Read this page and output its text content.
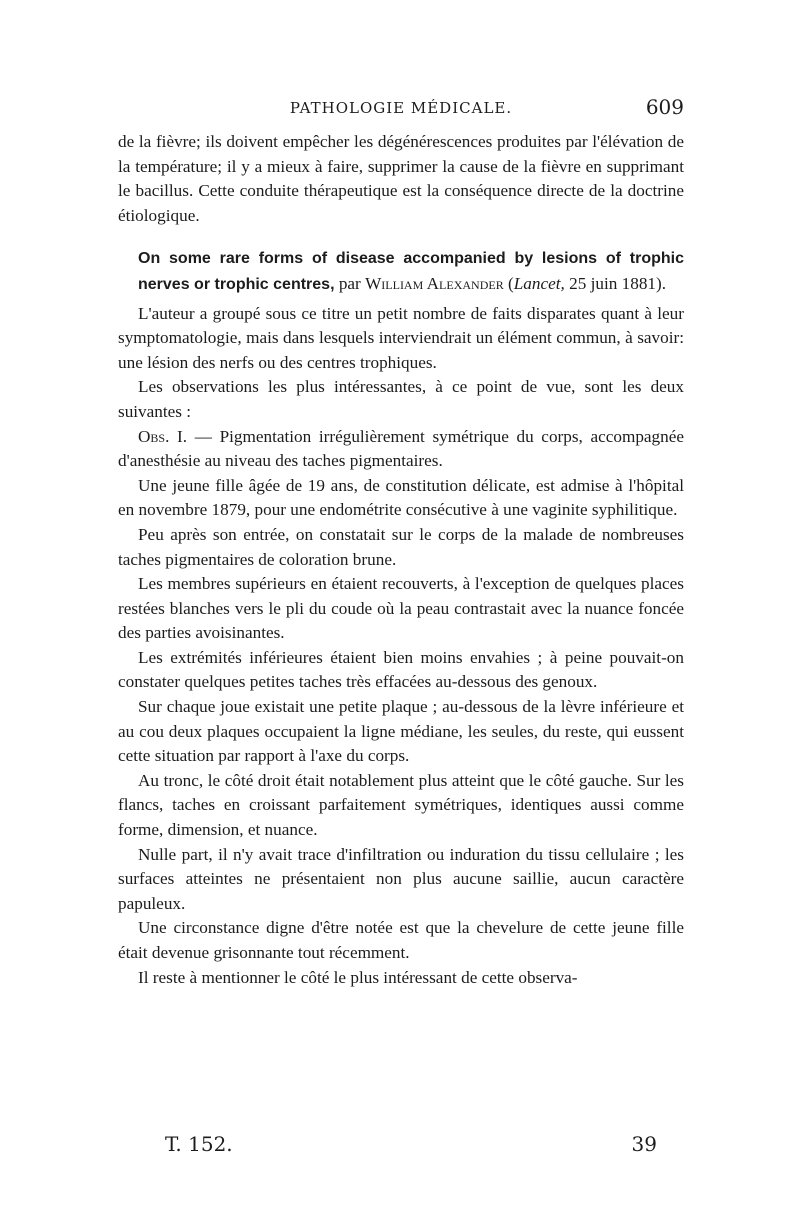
PATHOLOGIE MÉDICALE.	609

de la fièvre; ils doivent empêcher les dégénérescences produites par l'élévation de la température; il y a mieux à faire, supprimer la cause de la fièvre en supprimant le bacillus. Cette conduite thérapeutique est la conséquence directe de la doctrine étiologique.

On some rare forms of disease accompanied by lesions of trophic nerves or trophic centres, par William Alexander (Lancet, 25 juin 1881).

L'auteur a groupé sous ce titre un petit nombre de faits disparates quant à leur symptomatologie, mais dans lesquels interviendrait un élément commun, à savoir: une lésion des nerfs ou des centres trophiques.

Les observations les plus intéressantes, à ce point de vue, sont les deux suivantes :

Obs. I. — Pigmentation irrégulièrement symétrique du corps, accompagnée d'anesthésie au niveau des taches pigmentaires.

Une jeune fille âgée de 19 ans, de constitution délicate, est admise à l'hôpital en novembre 1879, pour une endométrite consécutive à une vaginite syphilitique.

Peu après son entrée, on constatait sur le corps de la malade de nombreuses taches pigmentaires de coloration brune.

Les membres supérieurs en étaient recouverts, à l'exception de quelques places restées blanches vers le pli du coude où la peau contrastait avec la nuance foncée des parties avoisinantes.

Les extrémités inférieures étaient bien moins envahies ; à peine pouvait-on constater quelques petites taches très effacées au-dessous des genoux.

Sur chaque joue existait une petite plaque ; au-dessous de la lèvre inférieure et au cou deux plaques occupaient la ligne médiane, les seules, du reste, qui eussent cette situation par rapport à l'axe du corps.

Au tronc, le côté droit était notablement plus atteint que le côté gauche. Sur les flancs, taches en croissant parfaitement symétriques, identiques aussi comme forme, dimension, et nuance.

Nulle part, il n'y avait trace d'infiltration ou induration du tissu cellulaire ; les surfaces atteintes ne présentaient non plus aucune saillie, aucun caractère papuleux.

Une circonstance digne d'être notée est que la chevelure de cette jeune fille était devenue grisonnante tout récemment.

Il reste à mentionner le côté le plus intéressant de cette observa-

T. 152.	39
